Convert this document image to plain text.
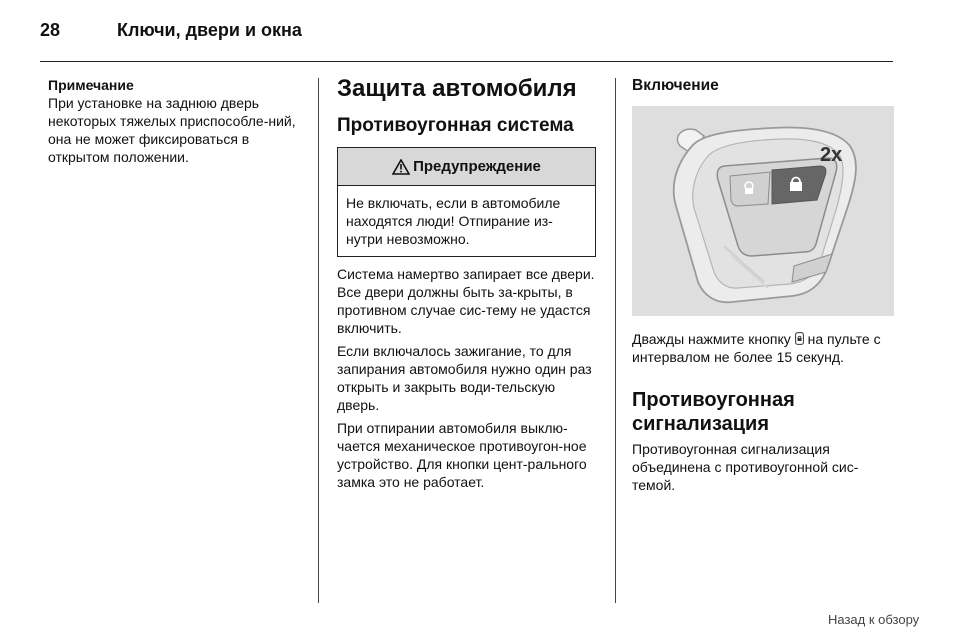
28	Ключи, двери и окна
Примечание

При установке на заднюю дверь некоторых тяжелых приспособле-ний, она не может фиксироваться в открытом положении.

Защита автомобиля
Противоугонная система
Предупреждение
Не включать, если в автомобиле находятся люди! Отпирание из-нутри невозможно.

Система намертво запирает все двери. Все двери должны быть за-крыты, в противном случае сис-тему не удастся включить.

Если включалось зажигание, то для запирания автомобиля нужно один раз открыть и закрыть води-тельскую дверь.

При отпирании автомобиля выклю-чается механическое противоугон-ное устройство. Для кнопки цент-рального замка это не работает.

Включение
2x

Дважды нажмите кнопку  на пульте с интервалом не более 15 секунд.

Противоугонная сигнализация

Противоугонная сигнализация объединена с противоугонной сис-темой.

Назад к обзору
